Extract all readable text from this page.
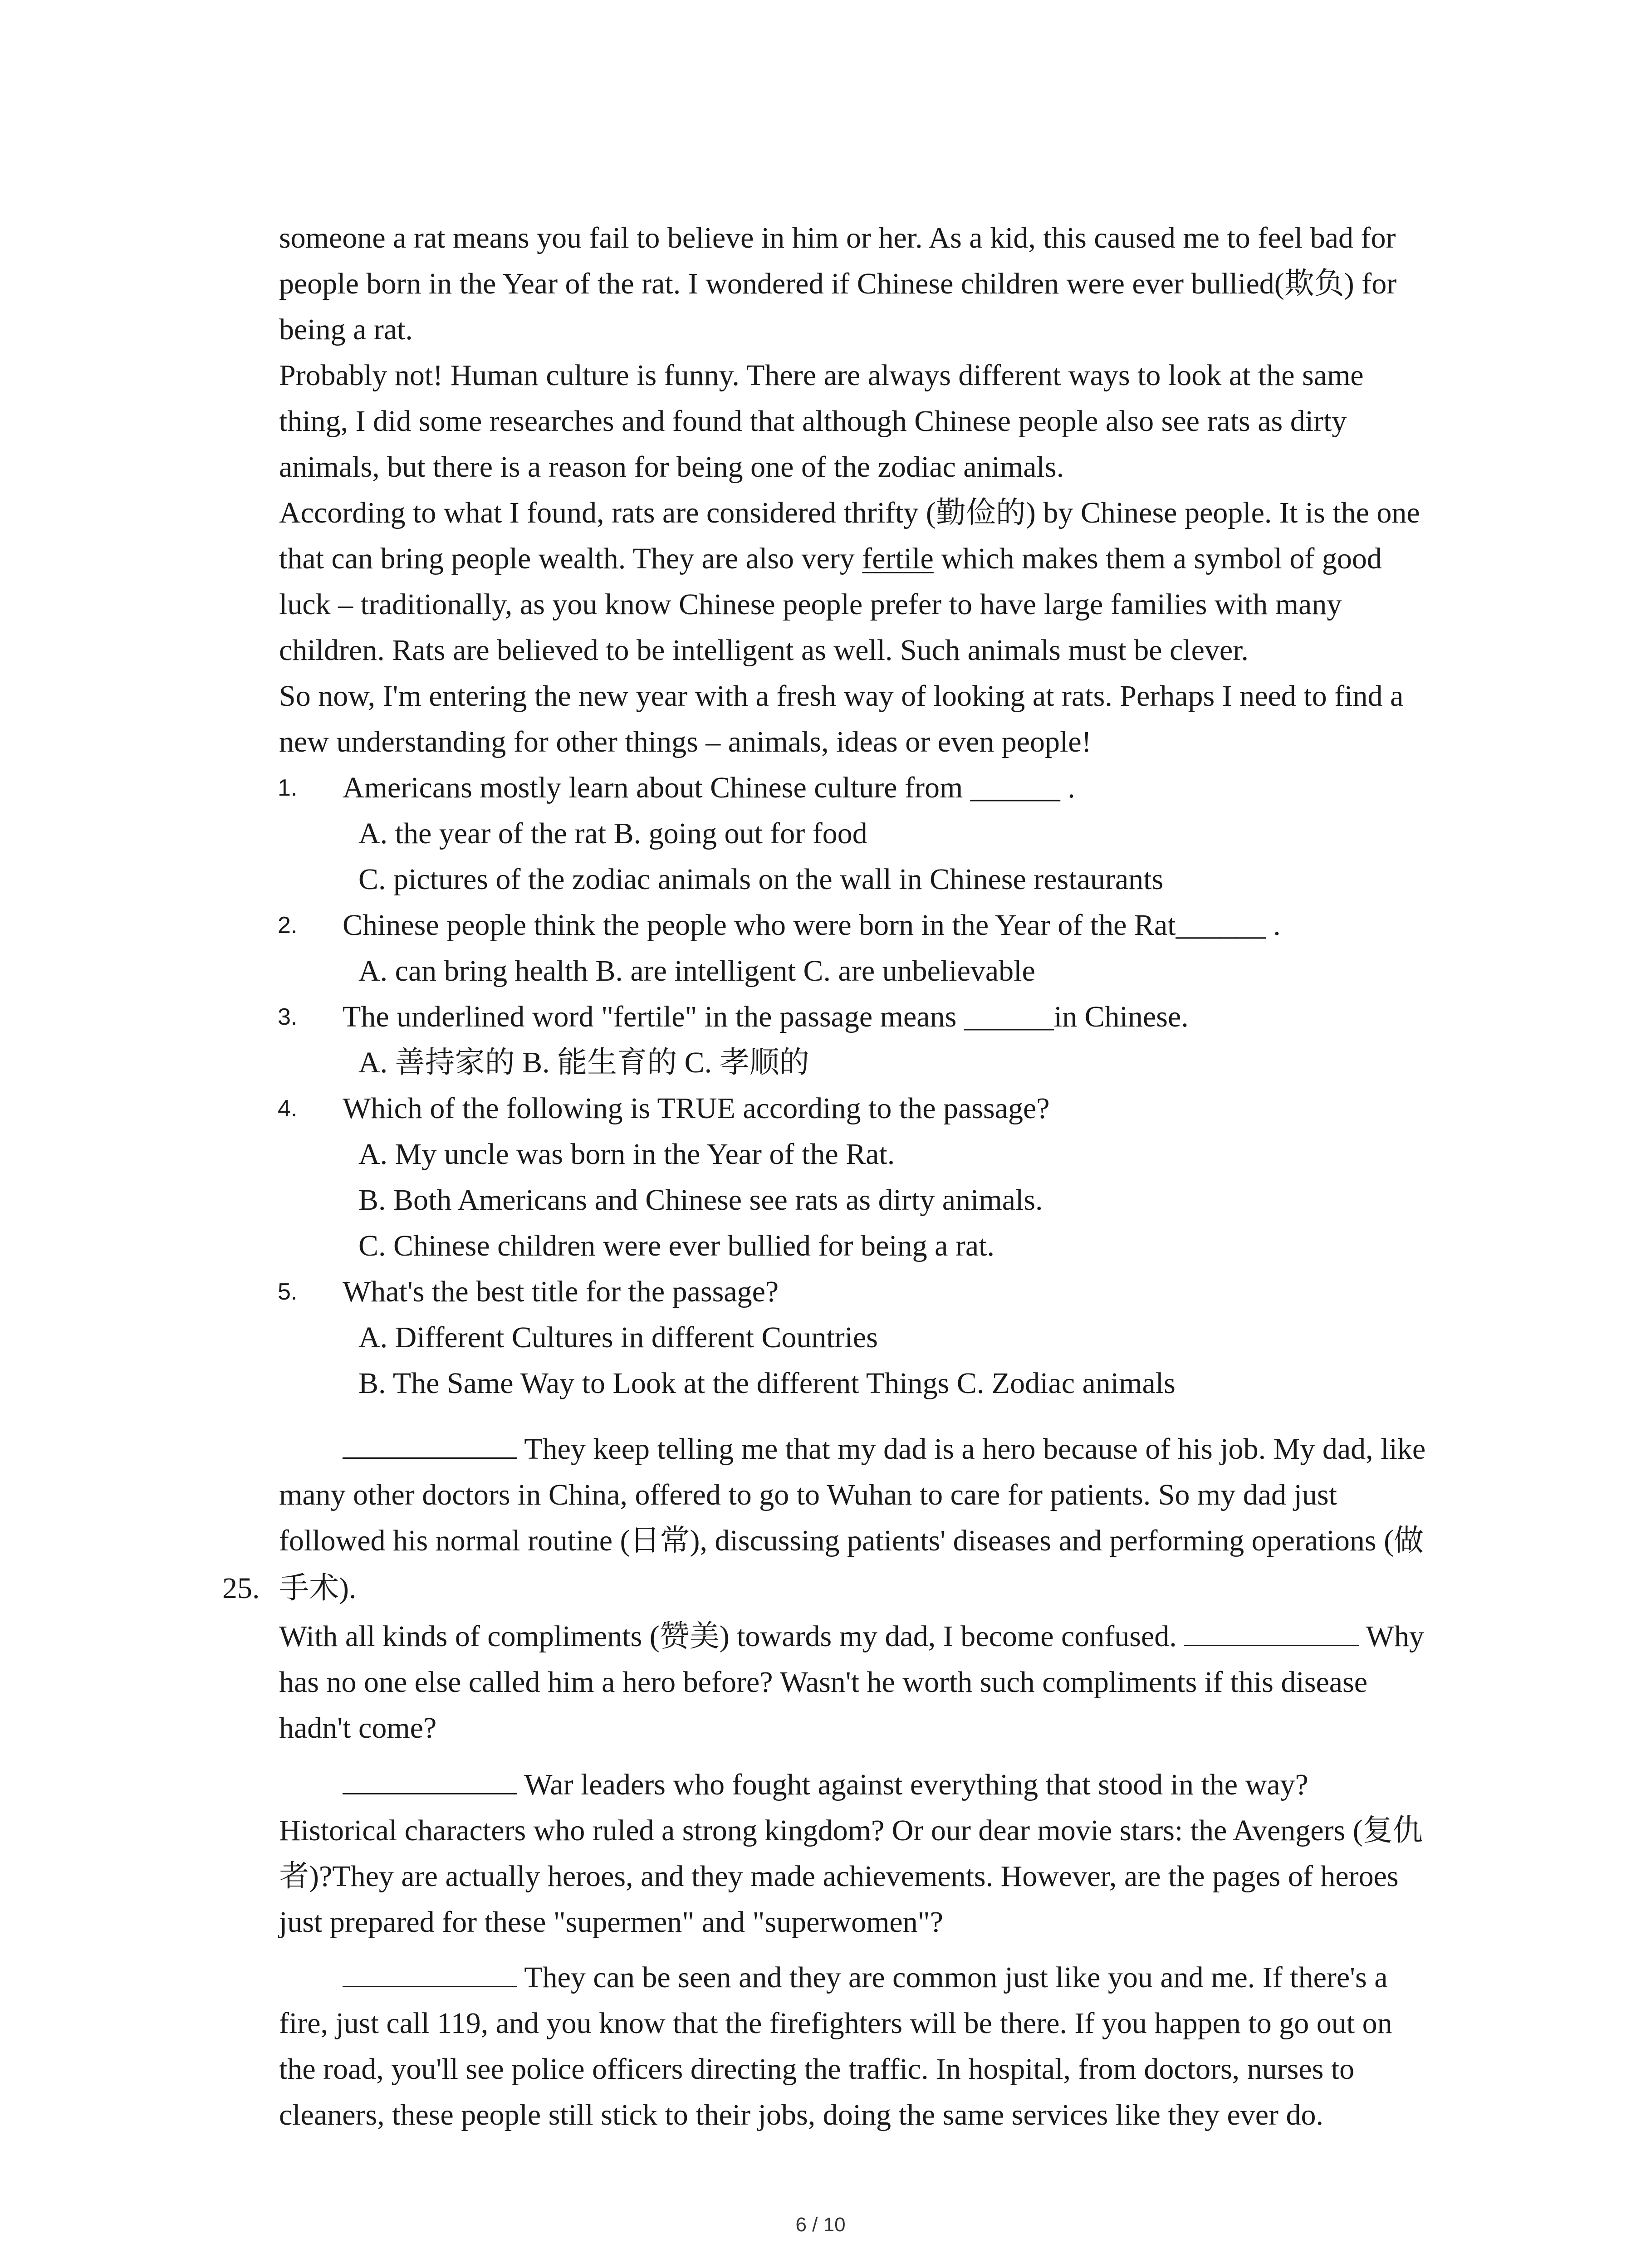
someone a rat means you fail to believe in him or her. As a kid, this caused me to feel bad for
people born in the Year of the rat. I wondered if Chinese children were ever bullied(欺负) for
being a rat.
Probably not! Human culture is funny. There are always different ways to look at the same
thing, I did some researches and found that although Chinese people also see rats as dirty
animals, but there is a reason for being one of the zodiac animals.
According to what I found, rats are considered thrifty (勤俭的) by Chinese people. It is the one
that can bring people wealth. They are also very fertile which makes them a symbol of good
luck – traditionally, as you know Chinese people prefer to have large families with many
children. Rats are believed to be intelligent as well. Such animals must be clever.
So now, I'm entering the new year with a fresh way of looking at rats. Perhaps I need to find a
new understanding for other things – animals, ideas or even people!
1. Americans mostly learn about Chinese culture from ______ .
A. the year of the rat B. going out for food
C. pictures of the zodiac animals on the wall in Chinese restaurants
2. Chinese people think the people who were born in the Year of the Rat______ .
A. can bring health B. are intelligent C. are unbelievable
3. The underlined word "fertile" in the passage means ______in Chinese.
A. 善持家的 B. 能生育的 C. 孝顺的
4. Which of the following is TRUE according to the passage?
A. My uncle was born in the Year of the Rat.
B. Both Americans and Chinese see rats as dirty animals.
C. Chinese children were ever bullied for being a rat.
5. What's the best title for the passage?
A. Different Cultures in different Countries
B. The Same Way to Look at the different Things C. Zodiac animals
They keep telling me that my dad is a hero because of his job. My dad, like
many other doctors in China, offered to go to Wuhan to care for patients. So my dad just
followed his normal routine (日常), discussing patients' diseases and performing operations (做
25. 手术).
With all kinds of compliments (赞美) towards my dad, I become confused.	Why
has no one else called him a hero before? Wasn't he worth such compliments if this disease
hadn't come?
War leaders who fought against everything that stood in the way?
Historical characters who ruled a strong kingdom? Or our dear movie stars: the Avengers (复仇
者)?They are actually heroes, and they made achievements. However, are the pages of heroes
just prepared for these "supermen" and "superwomen"?
They can be seen and they are common just like you and me. If there's a
fire, just call 119, and you know that the firefighters will be there. If you happen to go out on
the road, you'll see police officers directing the traffic. In hospital, from doctors, nurses to
cleaners, these people still stick to their jobs, doing the same services like they ever do.
6 / 10
